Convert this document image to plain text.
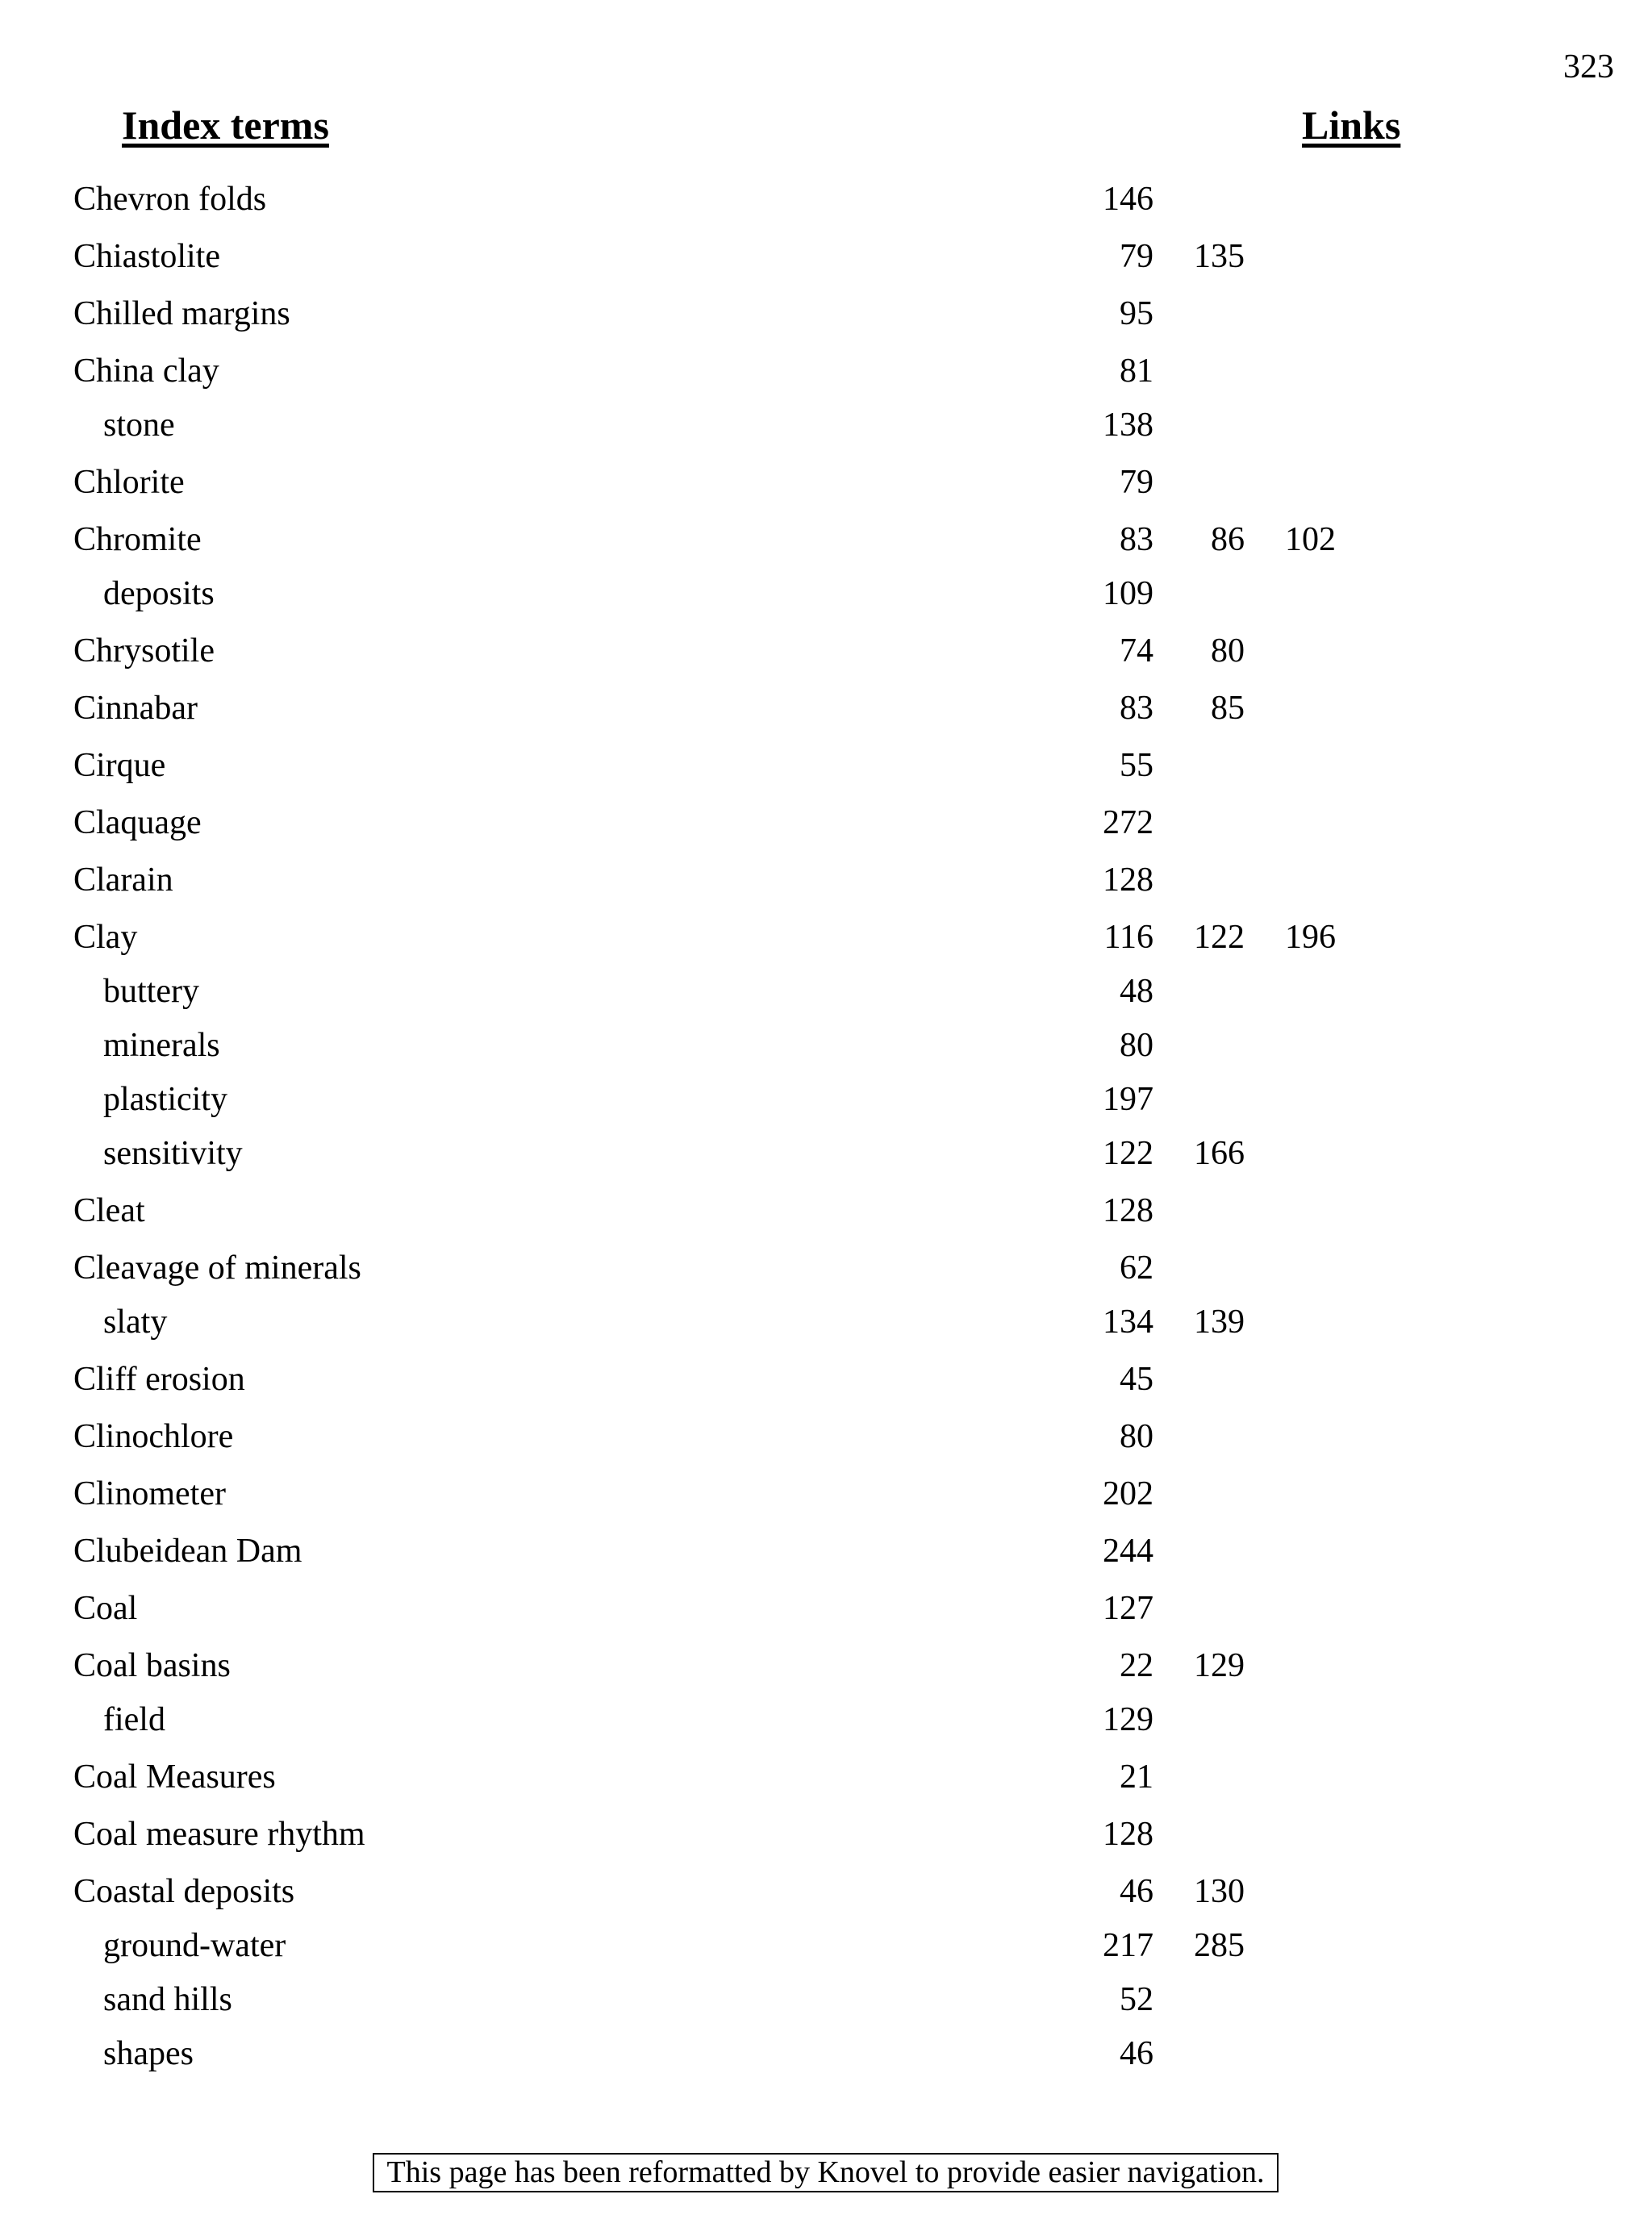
323
Index terms	Links
Chevron folds	146
Chiastolite	79	135
Chilled margins	95
China clay	81
stone	138
Chlorite	79
Chromite	83	86	102
deposits	109
Chrysotile	74	80
Cinnabar	83	85
Cirque	55
Claquage	272
Clarain	128
Clay	116	122	196
buttery	48
minerals	80
plasticity	197
sensitivity	122	166
Cleat	128
Cleavage of minerals	62
slaty	134	139
Cliff erosion	45
Clinochlore	80
Clinometer	202
Clubeidean Dam	244
Coal	127
Coal basins	22	129
field	129
Coal Measures	21
Coal measure rhythm	128
Coastal deposits	46	130
ground-water	217	285
sand hills	52
shapes	46
This page has been reformatted by Knovel to provide easier navigation.
